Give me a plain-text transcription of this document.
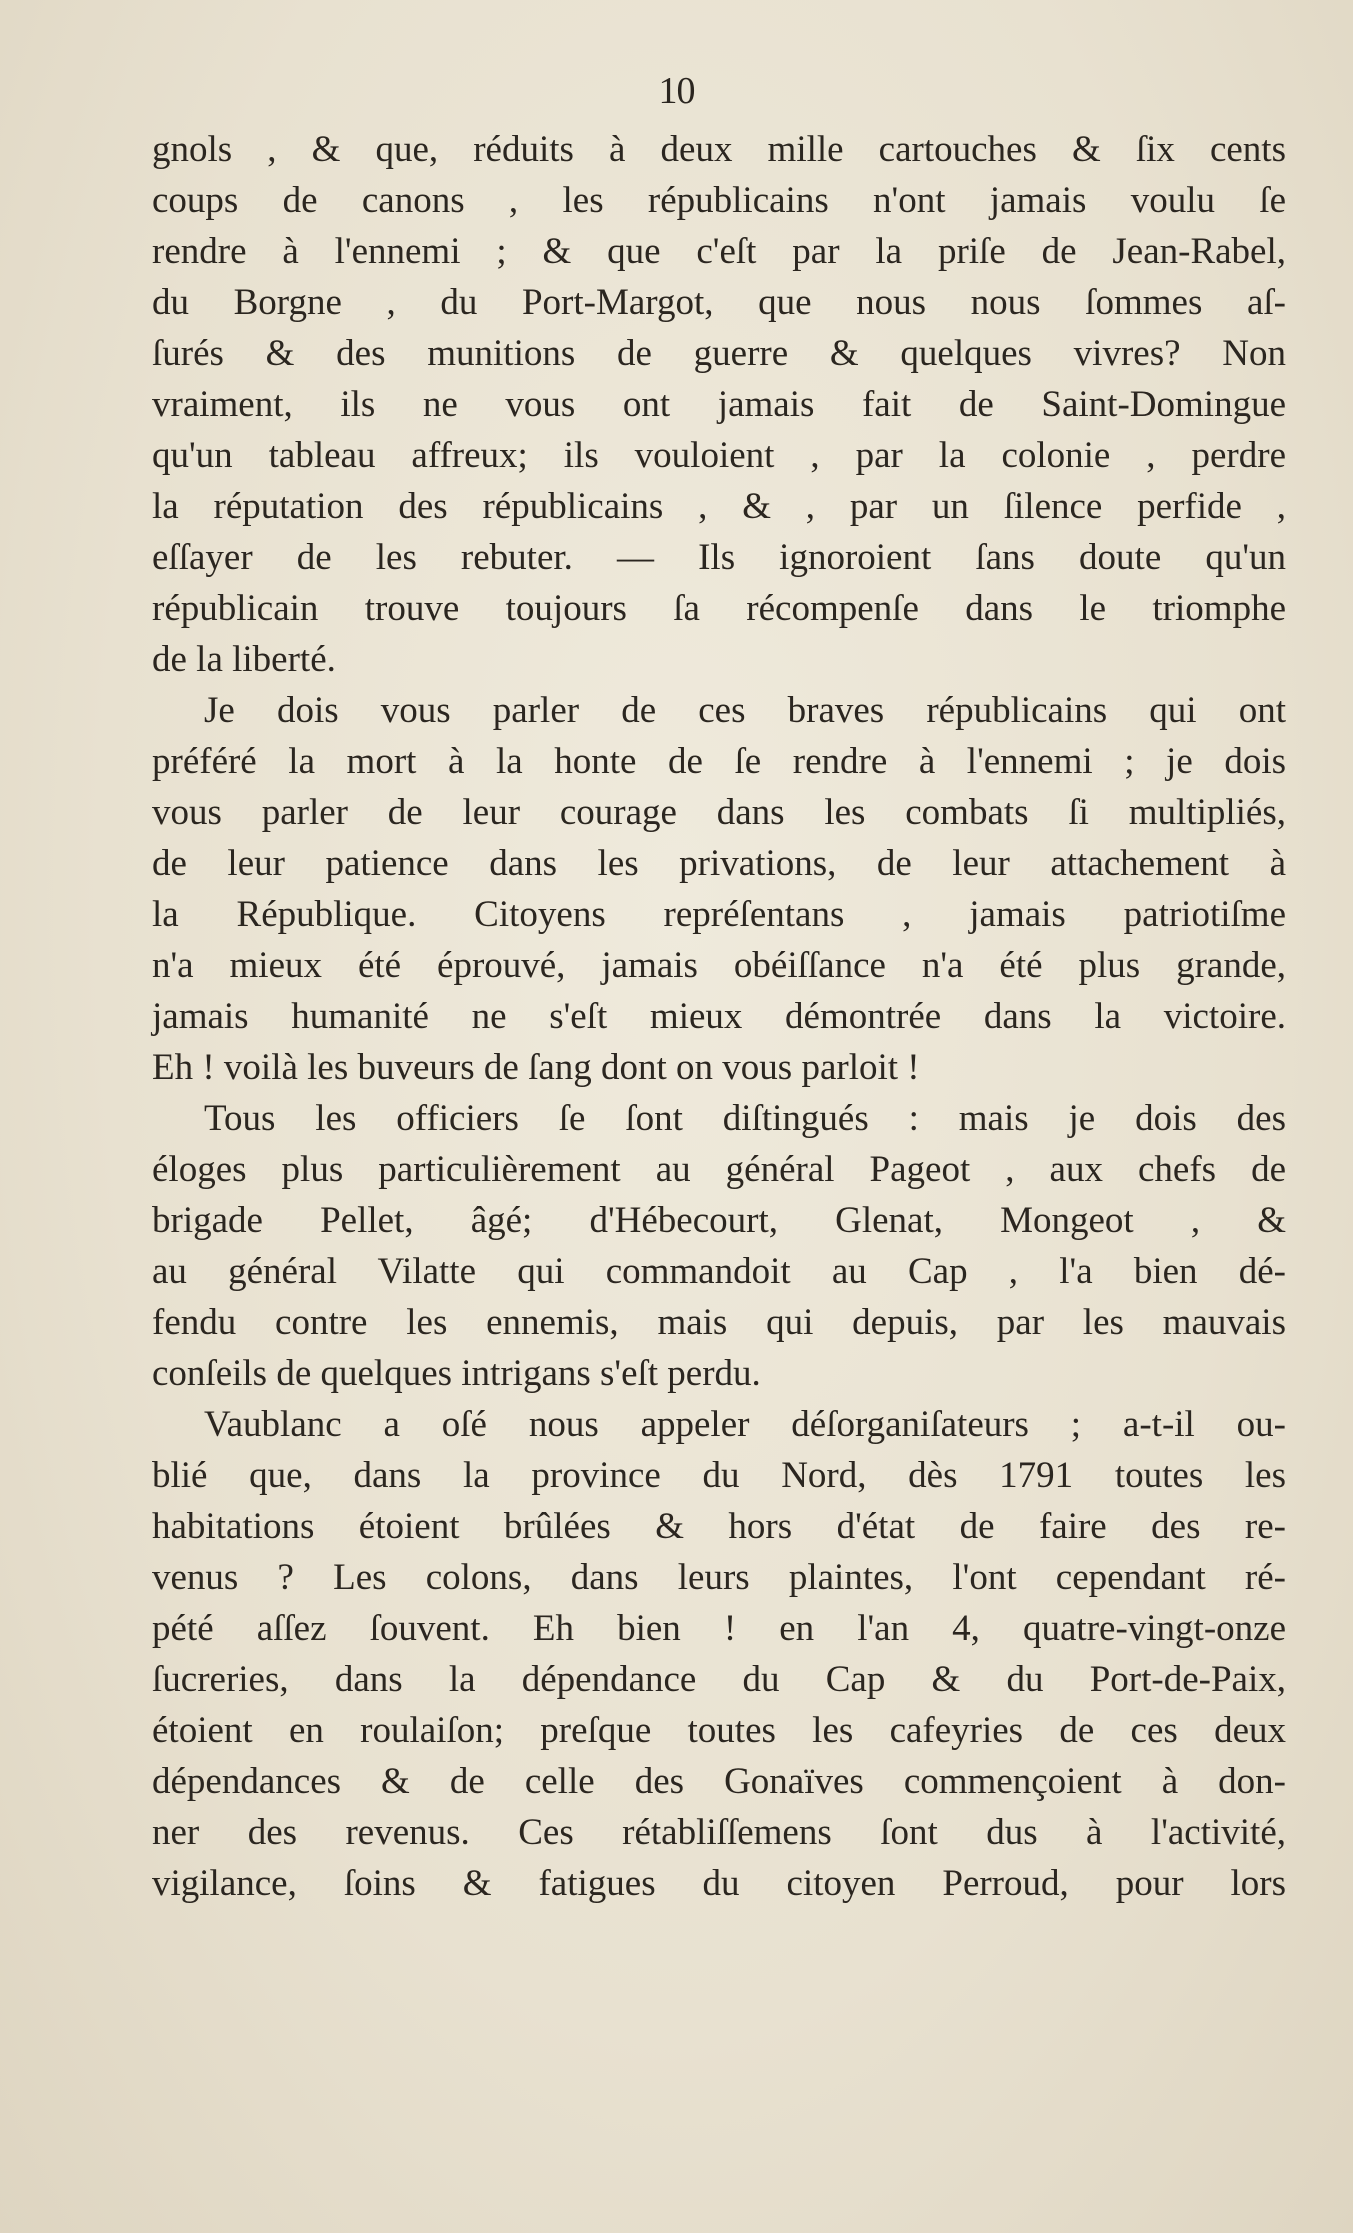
10
gnols , & que, réduits à deux mille cartouches & ſix cents
coups de canons , les républicains n'ont jamais voulu ſe
rendre à l'ennemi ; & que c'eſt par la priſe de Jean-Rabel,
du Borgne , du Port-Margot, que nous nous ſommes aſ-
ſurés & des munitions de guerre & quelques vivres? Non
vraiment, ils ne vous ont jamais fait de Saint-Domingue
qu'un tableau affreux; ils vouloient , par la colonie , perdre
la réputation des républicains , & , par un ſilence perfide ,
eſſayer de les rebuter. — Ils ignoroient ſans doute qu'un
républicain trouve toujours ſa récompenſe dans le triomphe
de la liberté.
Je dois vous parler de ces braves républicains qui ont
préféré la mort à la honte de ſe rendre à l'ennemi ; je dois
vous parler de leur courage dans les combats ſi multipliés,
de leur patience dans les privations, de leur attachement à
la République. Citoyens repréſentans , jamais patriotiſme
n'a mieux été éprouvé, jamais obéiſſance n'a été plus grande,
jamais humanité ne s'eſt mieux démontrée dans la victoire.
Eh ! voilà les buveurs de ſang dont on vous parloit !
Tous les officiers ſe ſont diſtingués : mais je dois des
éloges plus particulièrement au général Pageot , aux chefs de
brigade Pellet, âgé; d'Hébecourt, Glenat, Mongeot , &
au général Vilatte qui commandoit au Cap , l'a bien dé-
fendu contre les ennemis, mais qui depuis, par les mauvais
conſeils de quelques intrigans s'eſt perdu.
Vaublanc a oſé nous appeler déſorganiſateurs ; a-t-il ou-
blié que, dans la province du Nord, dès 1791 toutes les
habitations étoient brûlées & hors d'état de faire des re-
venus ? Les colons, dans leurs plaintes, l'ont cependant ré-
pété aſſez ſouvent. Eh bien ! en l'an 4, quatre-vingt-onze
ſucreries, dans la dépendance du Cap & du Port-de-Paix,
étoient en roulaiſon; preſque toutes les cafeyries de ces deux
dépendances & de celle des Gonaïves commençoient à don-
ner des revenus. Ces rétabliſſemens ſont dus à l'activité,
vigilance, ſoins & fatigues du citoyen Perroud, pour lors
